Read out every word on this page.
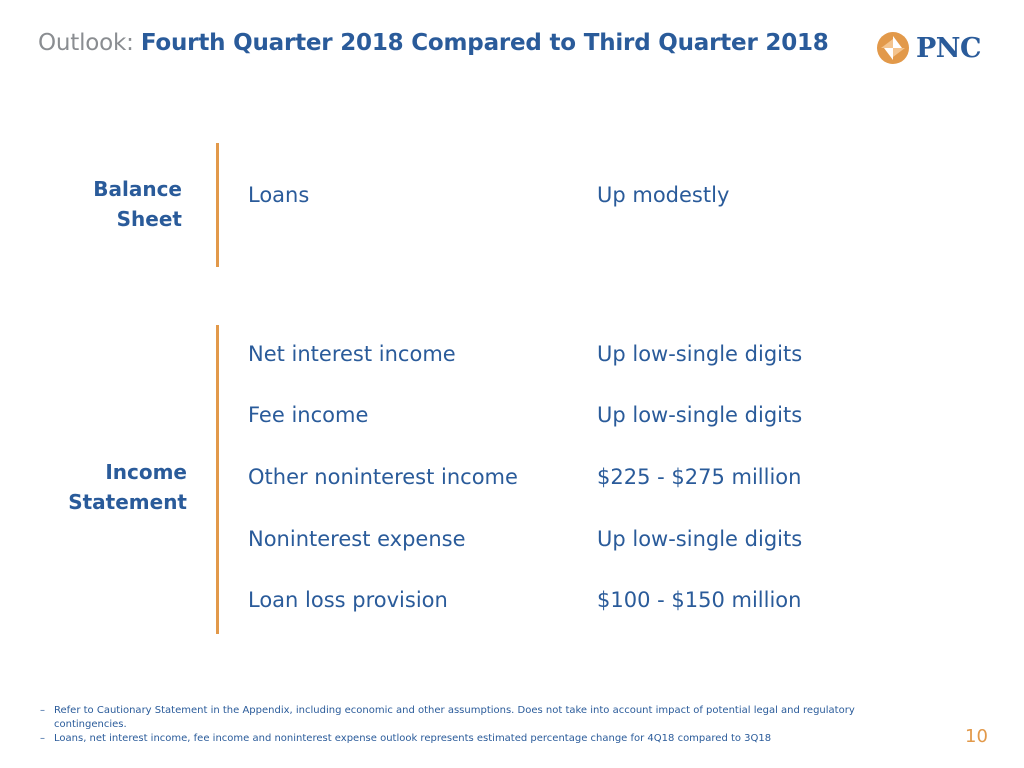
Outlook: Fourth Quarter 2018 Compared to Third Quarter 2018	PNC
Balance
Sheet
Loans	Up modestly
Income
Statement
Net interest income	Up low-single digits
Fee income	Up low-single digits
Other noninterest income	$225 - $275 million
Noninterest expense	Up low-single digits
Loan loss provision	$100 - $150 million
– Refer to Cautionary Statement in the Appendix, including economic and other assumptions. Does not take into account impact of potential legal and regulatory contingencies.
– Loans, net interest income, fee income and noninterest expense outlook represents estimated percentage change for 4Q18 compared to 3Q18	10
